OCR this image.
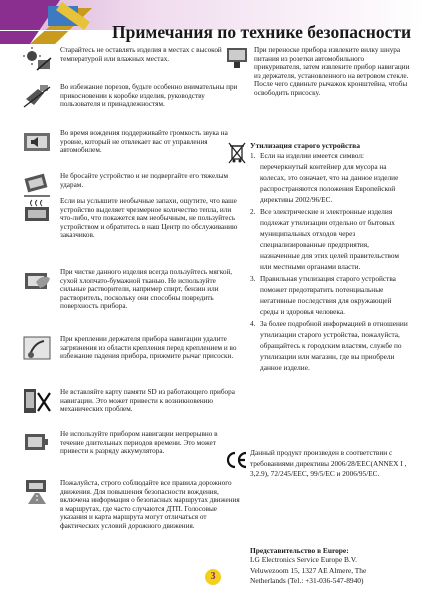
Примечания по технике безопасности
Старайтесь не оставлять изделия в местах с высокой температурой или влажных местах.
Во избежание порезов, будьте особенно внимательны при прикосновении к коробке изделия, руководству пользователя и принадлежностям.
Во время вождения поддерживайте громкость звука на уровне, который не отвлекает вас от управления автомобилем.
Не бросайте устройство и не подвергайте его тяжелым ударам.
Если вы услышите необычные запахи, ощутите, что ваше устройство выделяет чрезмерное количество тепла, или что-либо, что покажется вам необычным, не пользуйтесь устройством и обратитесь в наш Центр по обслуживанию заказчиков.
При чистке данного изделия всегда пользуйтесь мягкой, сухой хлопчато-бумажной тканью. Не используйте сильные растворители, например спирт, бензин или растворитель, поскольку они способны повредить поверхность прибора.
При креплении держателя прибора навигации удалите загрязнения из области крепления перед креплением и во избежание падения прибора, прижмите рычаг присоски.
Не вставляйте карту памяти SD из работающего прибора навигации. Это может привести к возникновению механических проблем.
Не используйте прибором навигации непрерывно в течение длительных периодов времени. Это может привести к разряду аккумулятора.
Пожалуйста, строго соблюдайте все правила дорожного движения. Для повышения безопасности вождения, включена информация о безопасных маршрутах движения в маршрутах, где часто случаются ДТП. Голосовые указания и карта маршрута могут отличаться от фактических условий дорожного движения.
При переноске прибора извлеките вилку шнура питания из розетки автомобильного прикуривателя, затем извлеките прибор навигации из держателя, установленного на ветровом стекле. После чего сдвиньте рычажок кронштейна, чтобы освободить присоску.
Утилизация старого устройства
1. Если на изделии имеется символ: перечеркнутый контейнер для мусора на колесах, это означает, что на данное изделие распространяются положения Европейской директивы 2002/96/EC.
2. Все электрические и электронные изделия подлежат утилизации отдельно от бытовых муниципальных отходов через специализированные предприятия, назначенные для этих целей правительством или местными органами власти.
3. Правильная утилизация старого устройства поможет предотвратить потенциальные негативные последствия для окружающей среды и здоровья человека.
4. За более подробной информацией в отношении утилизации старого устройства, пожалуйста, обращайтесь к городским властям, службе по утилизации или магазин, где вы приобрели данное изделие.
Данный продукт произведен в соответствии с требованиями директивы 2006/28/EEC(ANNEX I , 3,2.9), 72/245/EEC, 99/5/EC и 2006/95/EC.
Представительство в Europe:
LG Electronics Service Europe B.V.
Veluwezoom 15, 1327 AE Almere, The
Netherlands (Tel.: +31-036-547-8940)
3
